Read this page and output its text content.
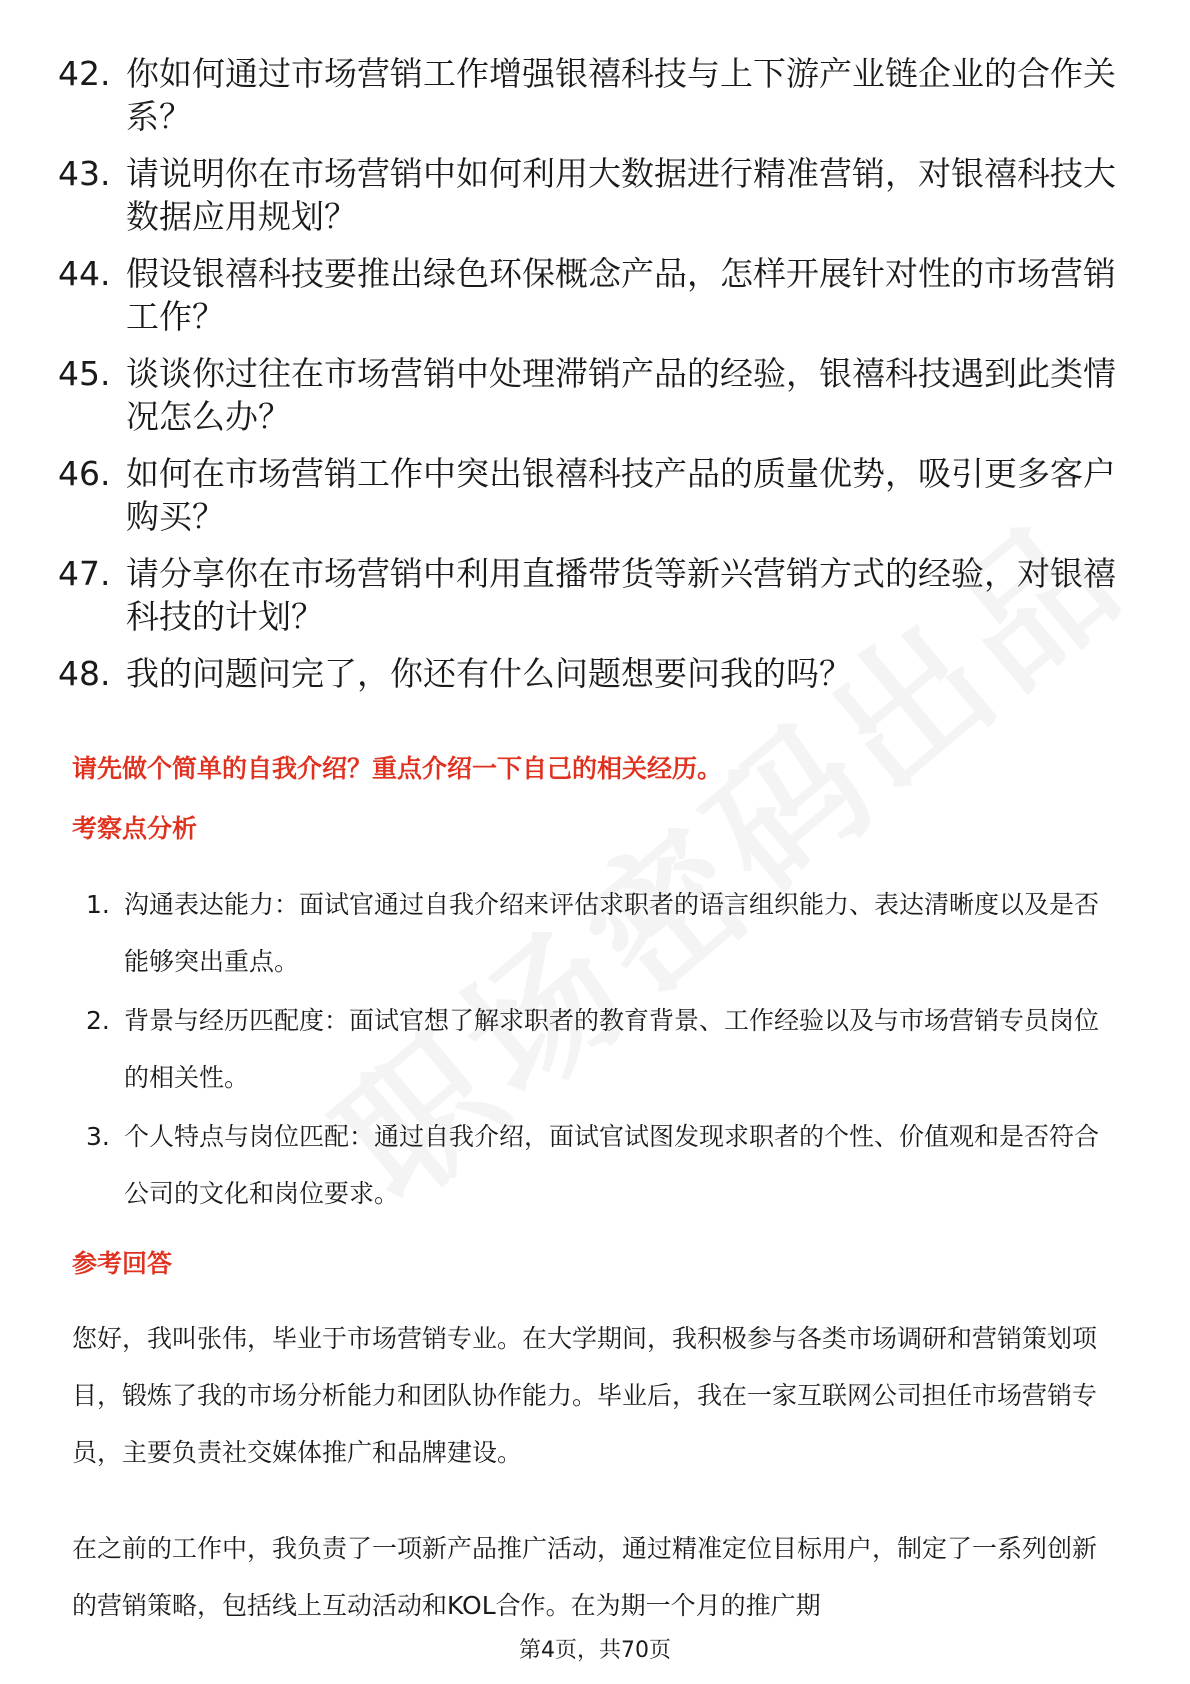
42. 你如何通过市场营销工作增强银禧科技与上下游产业链企业的合作关系？
43. 请说明你在市场营销中如何利用大数据进行精准营销，对银禧科技大数据应用规划？
44. 假设银禧科技要推出绿色环保概念产品，怎样开展针对性的市场营销工作？
45. 谈谈你过往在市场营销中处理滞销产品的经验，银禧科技遇到此类情况怎么办？
46. 如何在市场营销工作中突出银禧科技产品的质量优势，吸引更多客户购买？
47. 请分享你在市场营销中利用直播带货等新兴营销方式的经验，对银禧科技的计划？
48. 我的问题问完了，你还有什么问题想要问我的吗？
请先做个简单的自我介绍？重点介绍一下自己的相关经历。
考察点分析
1. 沟通表达能力：面试官通过自我介绍来评估求职者的语言组织能力、表达清晰度以及是否能够突出重点。
2. 背景与经历匹配度：面试官想了解求职者的教育背景、工作经验以及与市场营销专员岗位的相关性。
3. 个人特点与岗位匹配：通过自我介绍，面试官试图发现求职者的个性、价值观和是否符合公司的文化和岗位要求。
参考回答
您好，我叫张伟，毕业于市场营销专业。在大学期间，我积极参与各类市场调研和营销策划项目，锻炼了我的市场分析能力和团队协作能力。毕业后，我在一家互联网公司担任市场营销专员，主要负责社交媒体推广和品牌建设。
在之前的工作中，我负责了一项新产品推广活动，通过精准定位目标用户，制定了一系列创新的营销策略，包括线上互动活动和KOL合作。在为期一个月的推广期
第4页，共70页
